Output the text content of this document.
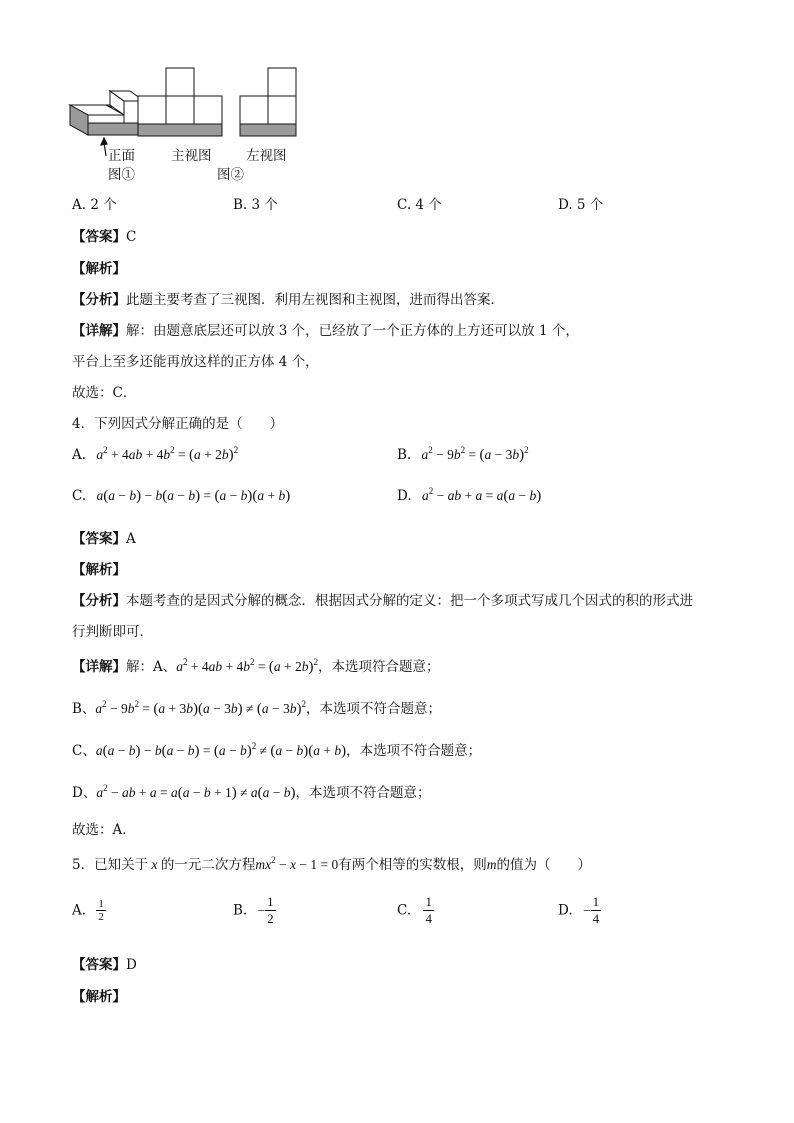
正面
图①
主视图	左视图
图②
A. 2 个	B. 3 个	C. 4 个	D. 5 个
【答案】C
【解析】
【分析】此题主要考查了三视图．利用左视图和主视图，进而得出答案．
【详解】解：由题意底层还可以放 3 个，已经放了一个正方体的上方还可以放 1 个，
平台上至多还能再放这样的正方体 4 个，
故选：C．
4．下列因式分解正确的是（　　）
A. $a^2 + 4ab + 4b^2 = (a + 2b)^2$	B. $a^2 - 9b^2 = (a - 3b)^2$
C. a(a − b) − b(a − b) = (a − b)(a + b)	D. $a^2$ − ab + a = a(a − b)
【答案】A
【解析】
【分析】本题考查的是因式分解的概念．根据因式分解的定义：把一个多项式写成几个因式的积的形式进
行判断即可．
【详解】解：A、$a^2 + 4ab + 4b^2 = (a + 2b)^2$，本选项符合题意；
B、$a^2 - 9b^2 = (a + 3b)(a - 3b) \ne (a - 3b)^2$，本选项不符合题意；
C、$a(a - b) - b(a - b) = (a - b)^2 \ne (a - b)(a + b)$，本选项不符合题意；
D、$a^2$ − ab + a = a(a − b + 1) ≠ a(a − b)，本选项不符合题意；
故选：A．
5．已知关于 x 的一元二次方程$mx^2 - x - 1 = 0$有两个相等的实数根，则m的值为（　　）
A. $\frac{1}{2}$	B. − $\frac{1}{2}$	C. $\frac{1}{4}$	D. − $\frac{1}{4}$
【答案】D
【解析】
